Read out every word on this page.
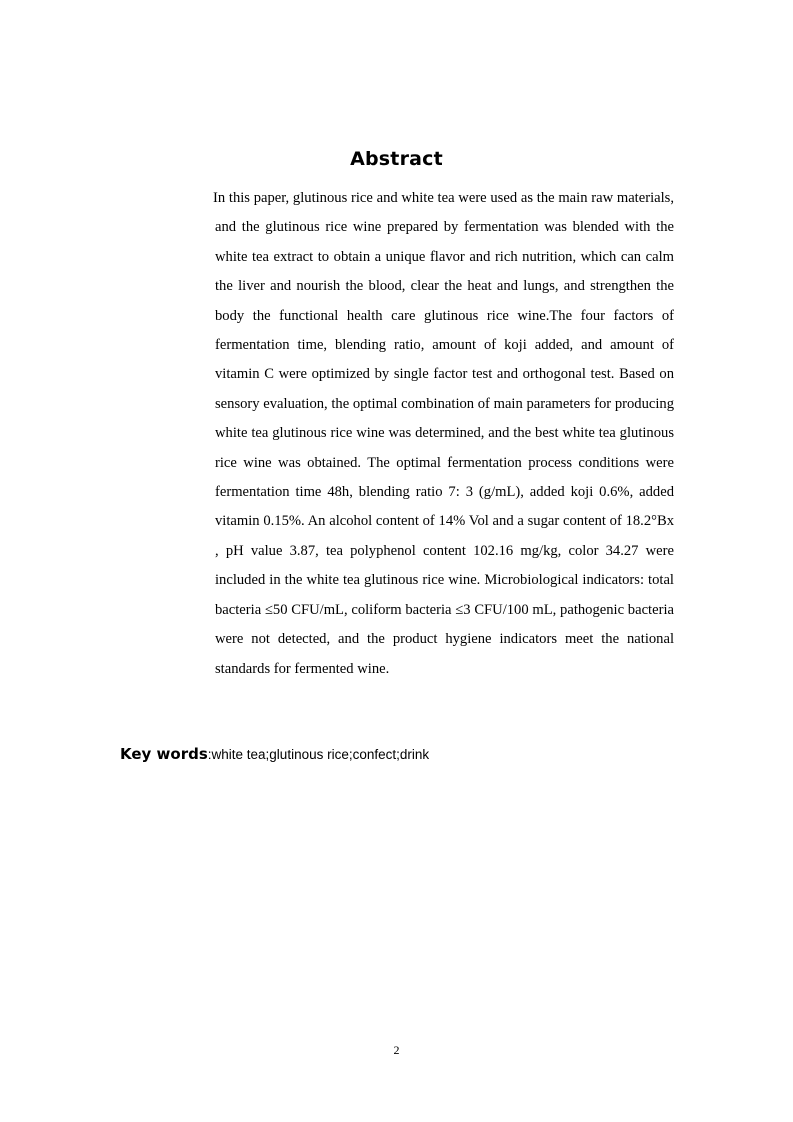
Abstract

In this paper, glutinous rice and white tea were used as the main raw materials, and the glutinous rice wine prepared by fermentation was blended with the white tea extract to obtain a unique flavor and rich nutrition, which can calm the liver and nourish the blood, clear the heat and lungs, and strengthen the body the functional health care glutinous rice wine.The four factors of fermentation time, blending ratio, amount of koji added, and amount of vitamin C were optimized by single factor test and orthogonal test. Based on sensory evaluation, the optimal combination of main parameters for producing white tea glutinous rice wine was determined, and the best white tea glutinous rice wine was obtained. The optimal fermentation process conditions were fermentation time 48h, blending ratio 7: 3 (g/mL), added koji 0.6%, added vitamin 0.15%. An alcohol content of 14% Vol and a sugar content of 18.2°Bx , pH value 3.87, tea polyphenol content 102.16 mg/kg, color 34.27 were included in the white tea glutinous rice wine. Microbiological indicators: total bacteria ≤50 CFU/mL, coliform bacteria ≤3 CFU/100 mL, pathogenic bacteria were not detected, and the product hygiene indicators meet the national standards for fermented wine.

Key words:white tea;glutinous rice;confect;drink
2
